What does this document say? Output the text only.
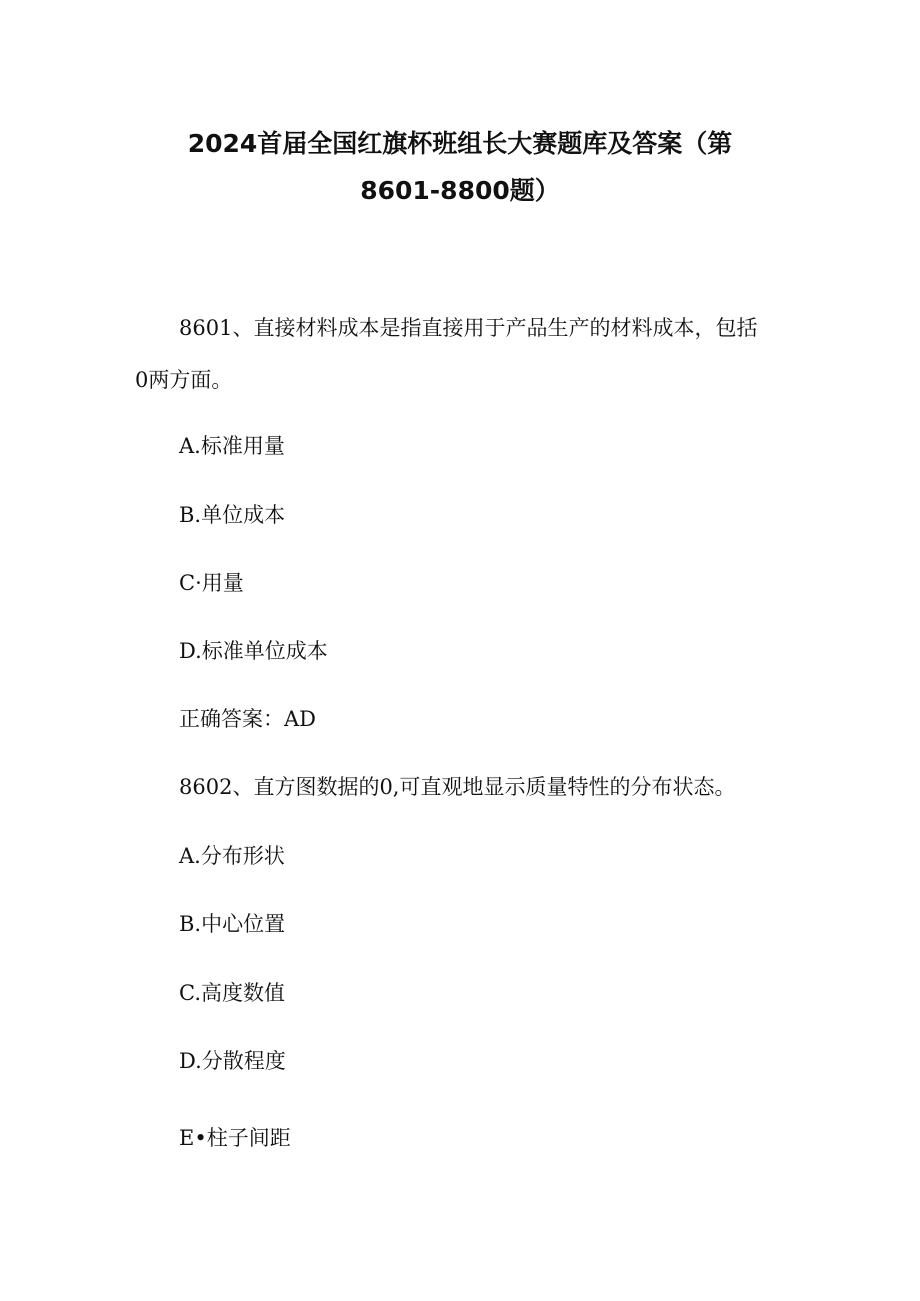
2024首届全国红旗杯班组长大赛题库及答案（第
8601-8800题）
8601、直接材料成本是指直接用于产品生产的材料成本，包括
0两方面。
A.标准用量
B.单位成本
C·用量
D.标准单位成本
正确答案：AD
8602、直方图数据的0,可直观地显示质量特性的分布状态。
A.分布形状
B.中心位置
C.高度数值
D.分散程度
E•柱子间距
